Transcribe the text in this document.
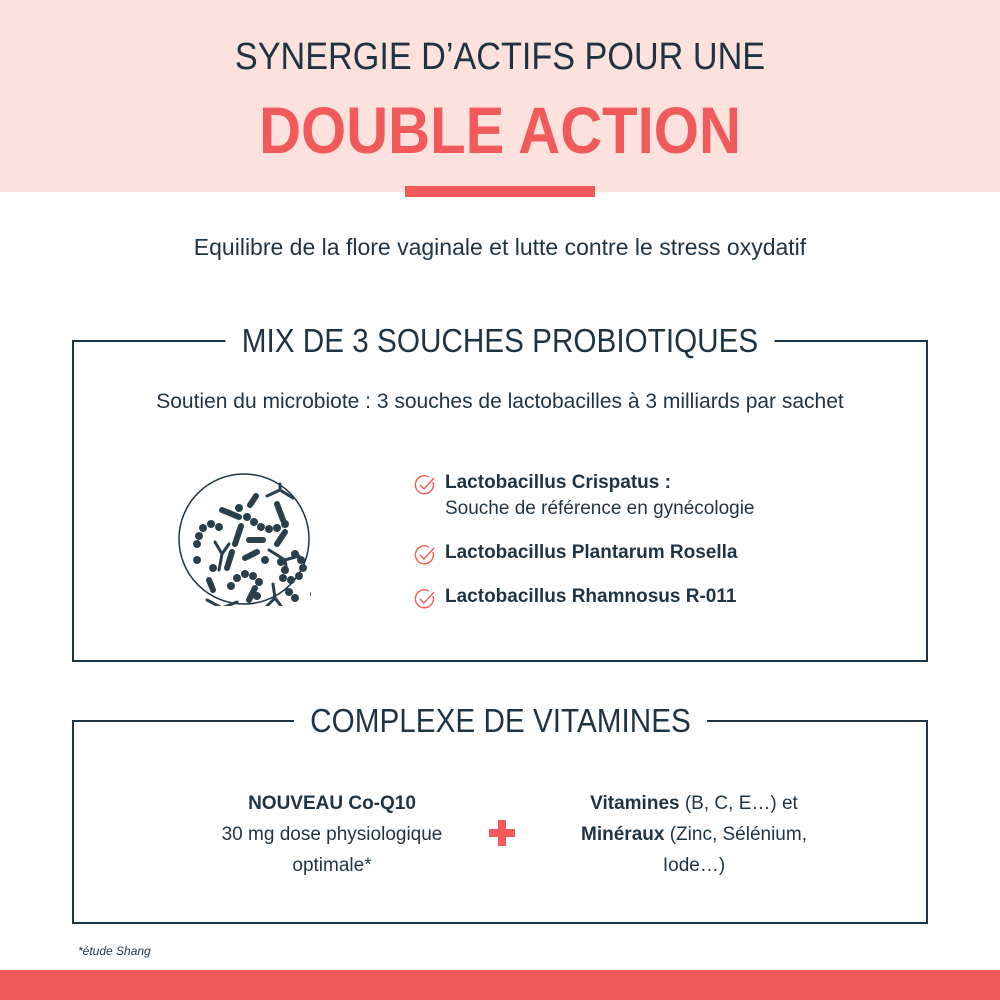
SYNERGIE D’ACTIFS POUR UNE
DOUBLE ACTION
Equilibre de la flore vaginale et lutte contre le stress oxydatif
MIX DE 3 SOUCHES PROBIOTIQUES
Soutien du microbiote : 3 souches de lactobacilles à 3 milliards par sachet
Lactobacillus Crispatus :
Souche de référence en gynécologie
Lactobacillus Plantarum Rosella
Lactobacillus Rhamnosus R-011
COMPLEXE DE VITAMINES
NOUVEAU Co-Q10
30 mg dose physiologique
optimale*
Vitamines (B, C, E…) et
Minéraux (Zinc, Sélénium,
Iode…)
*étude Shang
